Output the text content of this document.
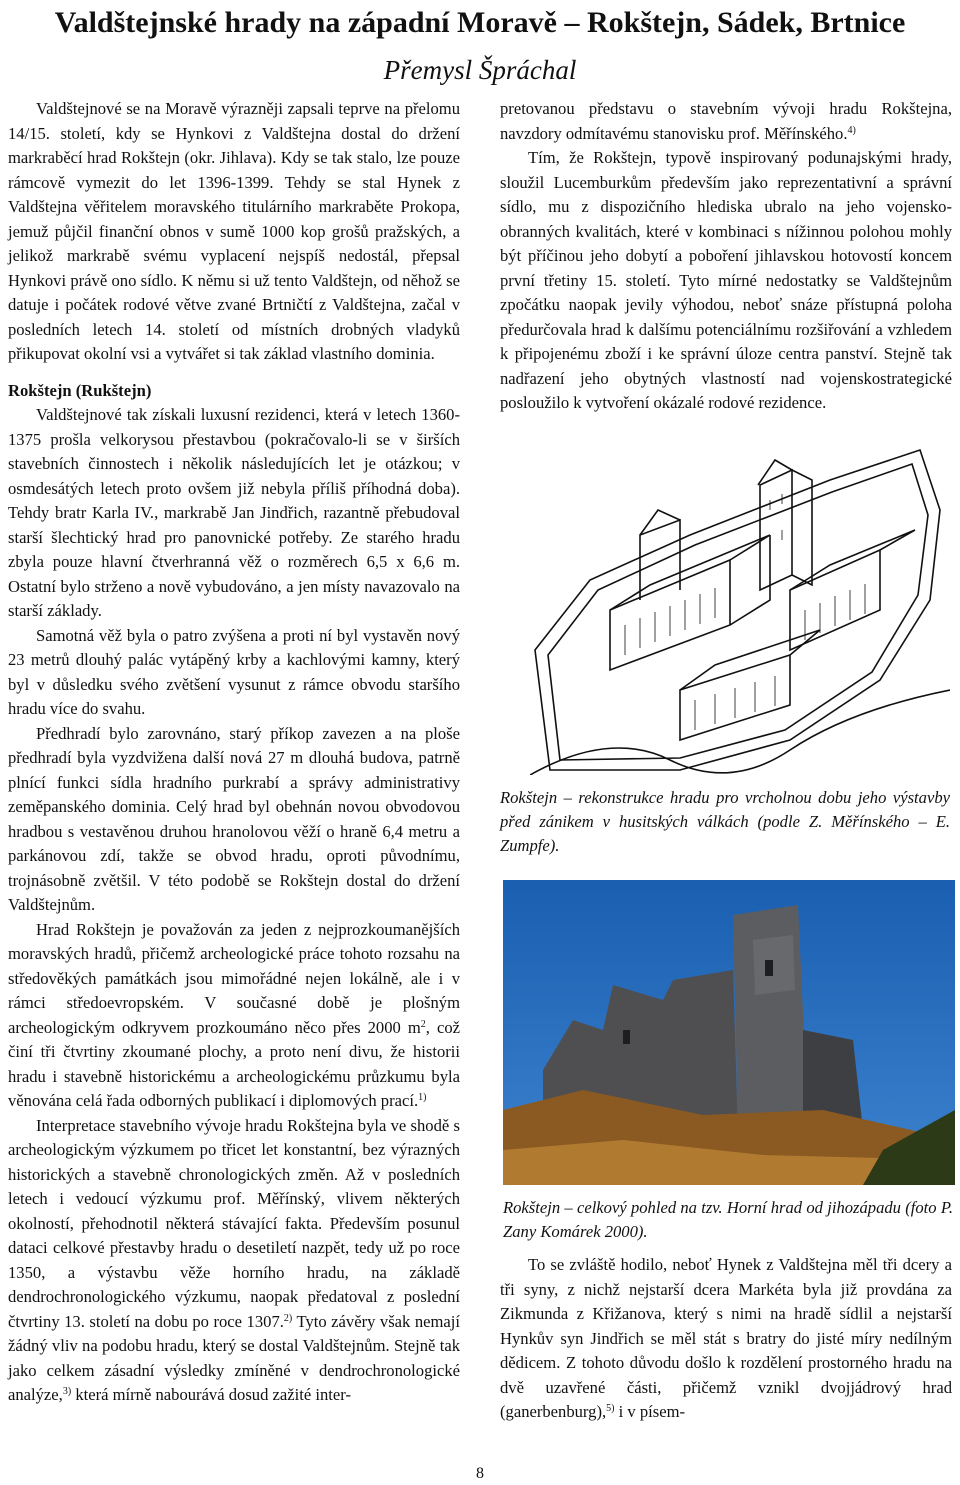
Valdštejnské hrady na západní Moravě – Rokštejn, Sádek, Brtnice
Přemysl Špráchal

Valdštejnové se na Moravě výrazněji zapsali teprve na přelomu 14/15. století, kdy se Hynkovi z Valdštejna dostal do držení markraběcí hrad Rokštejn (okr. Jihlava). Kdy se tak stalo, lze pouze rámcově vymezit do let 1396-1399. Tehdy se stal Hynek z Valdštejna věřitelem moravského titulárního markraběte Prokopa, jemuž půjčil finanční obnos v sumě 1000 kop grošů pražských, a jelikož markrabě svému vyplacení nejspíš nedostál, přepsal Hynkovi právě ono sídlo. K němu si už tento Valdštejn, od něhož se datuje i počátek rodové větve zvané Brtničtí z Valdštejna, začal v posledních letech 14. století od místních drobných vladyků přikupovat okolní vsi a vytvářet si tak základ vlastního dominia.

Rokštejn (Rukštejn)

Valdštejnové tak získali luxusní rezidenci, která v letech 1360-1375 prošla velkorysou přestavbou (pokračovalo-li se v širších stavebních činnostech i několik následujících let je otázkou; v osmdesátých letech proto ovšem již nebyla příliš příhodná doba). Tehdy bratr Karla IV., markrabě Jan Jindřich, razantně přebudoval starší šlechtický hrad pro panovnické potřeby. Ze starého hradu zbyla pouze hlavní čtverhranná věž o rozměrech 6,5 x 6,6 m. Ostatní bylo strženo a nově vybudováno, a jen místy navazovalo na starší základy.

Samotná věž byla o patro zvýšena a proti ní byl vystavěn nový 23 metrů dlouhý palác vytápěný krby a kachlovými kamny, který byl v důsledku svého zvětšení vysunut z rámce obvodu staršího hradu více do svahu.

Předhradí bylo zarovnáno, starý příkop zavezen a na ploše předhradí byla vyzdvižena další nová 27 m dlouhá budova, patrně plnící funkci sídla hradního purkrabí a správy administrativy zeměpanského dominia. Celý hrad byl obehnán novou obvodovou hradbou s vestavěnou druhou hranolovou věží o hraně 6,4 metru a parkánovou zdí, takže se obvod hradu, oproti původnímu, trojnásobně zvětšil. V této podobě se Rokštejn dostal do držení Valdštejnům.

Hrad Rokštejn je považován za jeden z nejprozkoumanějších moravských hradů, přičemž archeologické práce tohoto rozsahu na středověkých památkách jsou mimořádné nejen lokálně, ale i v rámci středoevropském. V současné době je plošným archeologickým odkryvem prozkoumáno něco přes 2000 $m^2$, což činí tři čtvrtiny zkoumané plochy, a proto není divu, že historii hradu i stavebně historickému a archeologickému průzkumu byla věnována celá řada odborných publikací i diplomových prací.$^{1)}$

Interpretace stavebního vývoje hradu Rokštejna byla ve shodě s archeologickým výzkumem po třicet let konstantní, bez výrazných historických a stavebně chronologických změn. Až v posledních letech i vedoucí výzkumu prof. Měřínský, vlivem některých okolností, přehodnotil některá stávající fakta. Především posunul dataci celkové přestavby hradu o desetiletí nazpět, tedy už po roce 1350, a výstavbu věže horního hradu, na základě dendrochronologického výzkumu, naopak předatoval z poslední čtvrtiny 13. století na dobu po roce 1307.$^{2)}$ Tyto závěry však nemají žádný vliv na podobu hradu, který se dostal Valdštejnům. Stejně tak jako celkem zásadní výsledky zmíněné v dendrochronologické analýze,$^{3)}$ která mírně nabourává dosud zažité inter-

pretovanou představu o stavebním vývoji hradu Rokštejna, navzdory odmítavému stanovisku prof. Měřínského.$^{4)}$

Tím, že Rokštejn, typově inspirovaný podunajskými hrady, sloužil Lucemburkům především jako reprezentativní a správní sídlo, mu z dispozičního hlediska ubralo na jeho vojensko-obranných kvalitách, které v kombinaci s nížinnou polohou mohly být příčinou jeho dobytí a poboření jihlavskou hotovostí koncem první třetiny 15. století. Tyto mírné nedostatky se Valdštejnům zpočátku naopak jevily výhodou, neboť snáze přístupná poloha předurčovala hrad k dalšímu potenciálnímu rozšiřování a vzhledem k připojenému zboží i ke správní úloze centra panství. Stejně tak nadřazení jeho obytných vlastností nad vojenskostrategické posloužilo k vytvoření okázalé rodové rezidence.

Rokštejn – rekonstrukce hradu pro vrcholnou dobu jeho výstavby před zánikem v husitských válkách (podle Z. Měřínského – E. Zumpfe).
Rokštejn – celkový pohled na tzv. Horní hrad od jihozápadu (foto P. Zany Komárek 2000).

To se zvláště hodilo, neboť Hynek z Valdštejna měl tři dcery a tři syny, z nichž nejstarší dcera Markéta byla již provdána za Zikmunda z Křižanova, který s nimi na hradě sídlil a nejstarší Hynkův syn Jindřich se měl stát s bratry do jisté míry nedílným dědicem. Z tohoto důvodu došlo k rozdělení prostorného hradu na dvě uzavřené části, přičemž vznikl dvojjádrový hrad (ganerbenburg),$^{5)}$ i v písem-

8
